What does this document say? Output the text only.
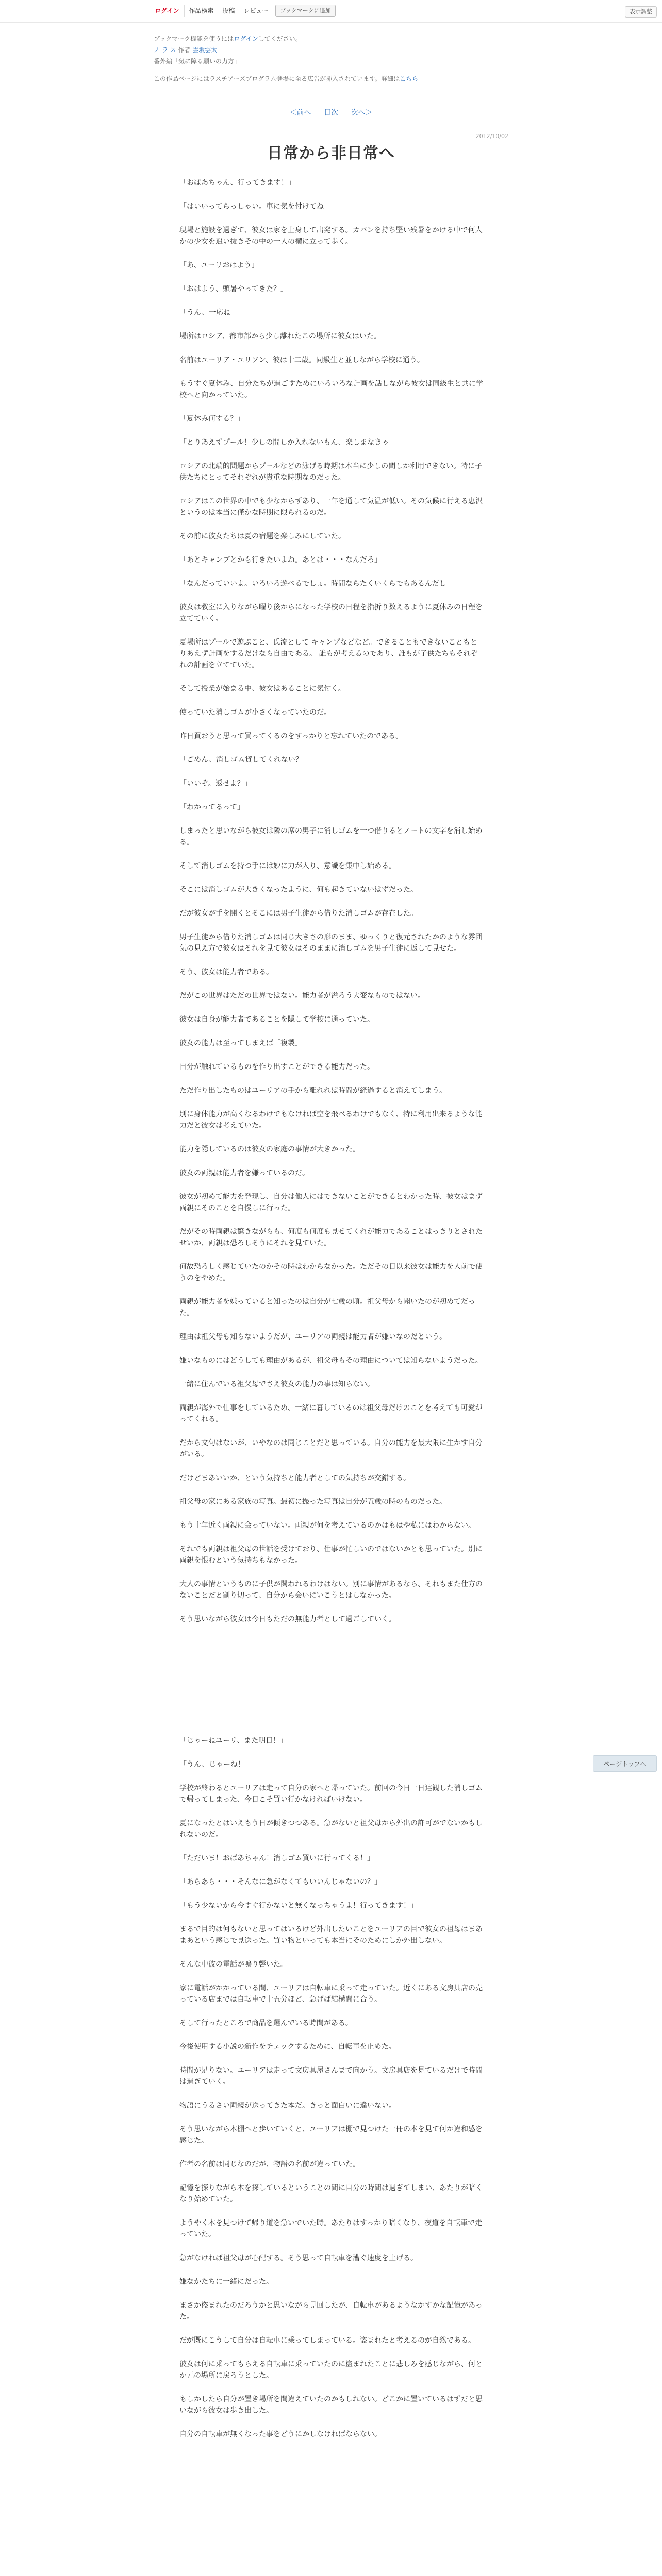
ログイン	作品検索	投稿	レビュー	ブックマークに追加	表示調整
ブックマーク機能を使うにはログインしてください。
ノ ラ ス 作者 雲坂雲太
番外編「気に障る願いの力方」
この作品ページにはラスチアーズプログラム登場に至る広告が挿入されています。詳細はこちら
＜前へ 目次 次へ＞
2012/10/02
日常から非日常へ

「おばあちゃん、行ってきます！」

「はいいってらっしゃい。車に気を付けてね」

現場と施設を過ぎて、彼女は家を上身して出発する。カバンを持ち堅い残暑をかける中で何人かの少女を追い抜きその中の一人の横に立って歩く。

「あ、ユーリおはよう」

「おはよう、頭暑やってきた？」

「うん、一応ね」

場所はロシア、都市部から少し離れたこの場所に彼女はいた。

名前はユーリア・ユリソン、彼は十二歳。同級生と並しながら学校に通う。

もうすぐ夏休み、自分たちが過ごすためにいろいろな計画を話しながら彼女は同級生と共に学校へと向かっていた。

「夏休み何する？」

「とりあえずプール！少しの間しか入れないもん、楽しまなきゃ」

ロシアの北端的問題からプールなどの泳げる時期は本当に少しの間しか利用できない。特に子供たちにとってそれぞれが貴重な時期なのだった。

ロシアはこの世界の中でも少なからずあり、一年を通して気温が低い。その気候に行える恵沢というのは本当に僅かな時期に限られるのだ。

その前に彼女たちは夏の宿題を楽しみにしていた。

「あとキャンプとかも行きたいよね。あとは・・・なんだろ」

「なんだっていいよ。いろいろ遊べるでしょ。時間ならたくいくらでもあるんだし」

彼女は教室に入りながら曜り後からになった学校の日程を指折り数えるように夏休みの日程を立てていく。

夏場所はプールで遊ぶこと、氏流として キャンプなどなど。できることもできないこともとりあえず計画をするだけなら自由である。 誰もが考えるのであり、誰もが子供たちもそれぞれの計画を立てていた。

そして授業が始まる中、彼女はあることに気付く。

使っていた消しゴムが小さくなっていたのだ。

昨日買おうと思って買ってくるのをすっかりと忘れていたのである。

「ごめん、消しゴム貸してくれない？」

「いいぞ。返せよ？」

「わかってるって」

しまったと思いながら彼女は隣の席の男子に消しゴムを一つ借りるとノートの文字を消し始める。

そして消しゴムを持つ手には妙に力が入り、意識を集中し始める。

そこには消しゴムが大きくなったように、何も起きていないはずだった。

だが彼女が手を開くとそこには男子生徒から借りた消しゴムが存在した。

男子生徒から借りた消しゴムは同じ大きさの形のまま、ゆっくりと復元されたかのような雰囲気の見え方で彼女はそれを見て彼女はそのままに消しゴムを男子生徒に返して見せた。

そう、彼女は能力者である。

だがこの世界はただの世界ではない。能力者が溢ろう大変なものではない。

彼女は自身が能力者であることを隠して学校に通っていた。

彼女の能力は至ってしまえば「複製」

自分が触れているものを作り出すことができる能力だった。

ただ作り出したものはユーリアの手から離れれば時間が経過すると消えてしまう。

別に身体能力が高くなるわけでもなければ空を飛べるわけでもなく、特に利用出来るような能力だと彼女は考えていた。

能力を隠しているのは彼女の家庭の事情が大きかった。

彼女の両親は能力者を嫌っているのだ。

彼女が初めて能力を発現し、自分は他人にはできないことができるとわかった時、彼女はまず両親にそのことを自慢しに行った。

だがその時両親は驚きながらも、何度も何度も見せてくれが能力であることはっきりとされたせいか、両親は恐ろしそうにそれを見ていた。

何故恐ろしく感じていたのかその時はわからなかった。ただその日以来彼女は能力を人前で使うのをやめた。

両親が能力者を嫌っていると知ったのは自分が七歳の頃。祖父母から聞いたのが初めてだった。

理由は祖父母も知らないようだが、ユーリアの両親は能力者が嫌いなのだという。

嫌いなものにはどうしても理由があるが、祖父母もその理由については知らないようだった。

一緒に住んでいる祖父母でさえ彼女の能力の事は知らない。

両親が海外で仕事をしているため、一緒に暮しているのは祖父母だけのことを考えても可愛がってくれる。

だから文句はないが、いやなのは同じことだと思っている。自分の能力を最大限に生かす自分がいる。

だけどまあいいか、という気持ちと能力者としての気持ちが交錯する。

祖父母の家にある家族の写真。最初に撮った写真は自分が五歳の時のものだった。

もう十年近く両親に会っていない。両親が何を考えているのかはもはや私にはわからない。

それでも両親は祖父母の世話を受けており、仕事が忙しいのではないかとも思っていた。別に両親を恨むという気持ちもなかった。

大人の事情というものに子供が関われるわけはない。別に事情があるなら、それもまた仕方のないことだと割り切って、自分から会いにいこうとはしなかった。

そう思いながら彼女は今日もただの無能力者として過ごしていく。

「じゃーねユーリ、また明日！」

「うん、じゃーね！」

学校が終わるとユーリアは走って自分の家へと帰っていた。前回の今日一日達観した消しゴムで帰ってしまった、今日こそ買い行かなければいけない。

夏になったとはいえもう日が傾きつつある。急がないと祖父母から外出の許可がでないかもしれないのだ。

「ただいま！おばあちゃん！消しゴム買いに行ってくる！」

「あらあら・・・そんなに急がなくてもいいんじゃないの？」

「もう少ないから今すぐ行かないと無くなっちゃうよ！行ってきます！」

まるで目的は何もないと思ってはいるけど外出したいことをユーリアの目で彼女の祖母はまあまあという感じで見送った。買い物といっても本当にそのためにしか外出しない。

そんな中彼の電話が鳴り響いた。

家に電話がかかっている間、ユーリアは自転車に乗って走っていた。近くにある文房具店の売っている店までは自転車で十五分ほど、急げば結構間に合う。

そして行ったところで商品を選んでいる時間がある。

今後使用する小説の新作をチェックするために、自転車を止めた。

時間が足りない。ユーリアは走って文房具屋さんまで向かう。文房具店を見ているだけで時間は過ぎていく。

物語にうるさい両親が送ってきた本だ。きっと面白いに違いない。

そう思いながら本棚へと歩いていくと、ユーリアは棚で見つけた一冊の本を見て何か違和感を感じた。

作者の名前は同じなのだが、物語の名前が違っていた。

記憶を探りながら本を探しているということの間に自分の時間は過ぎてしまい、あたりが暗くなり始めていた。

ようやく本を見つけて帰り道を急いでいた時。あたりはすっかり暗くなり、夜道を自転車で走っていた。

急がなければ祖父母が心配する。そう思って自転車を漕ぐ速度を上げる。

嫌なかたちに一緒にだった。

まさか盗まれたのだろうかと思いながら見回したが、自転車があるようなかすかな記憶があった。

だが既にこうして自分は自転車に乗ってしまっている。盗まれたと考えるのが自然である。

彼女は何に乗ってもらえる自転車に乗っていたのに盗まれたことに悲しみを感じながら、何とか元の場所に戻ろうとした。

もしかしたら自分が置き場所を間違えていたのかもしれない。どこかに置いているはずだと思いながら彼女は歩き出した。

自分の自転車が無くなった事をどうにかしなければならない。

ページトップへ
